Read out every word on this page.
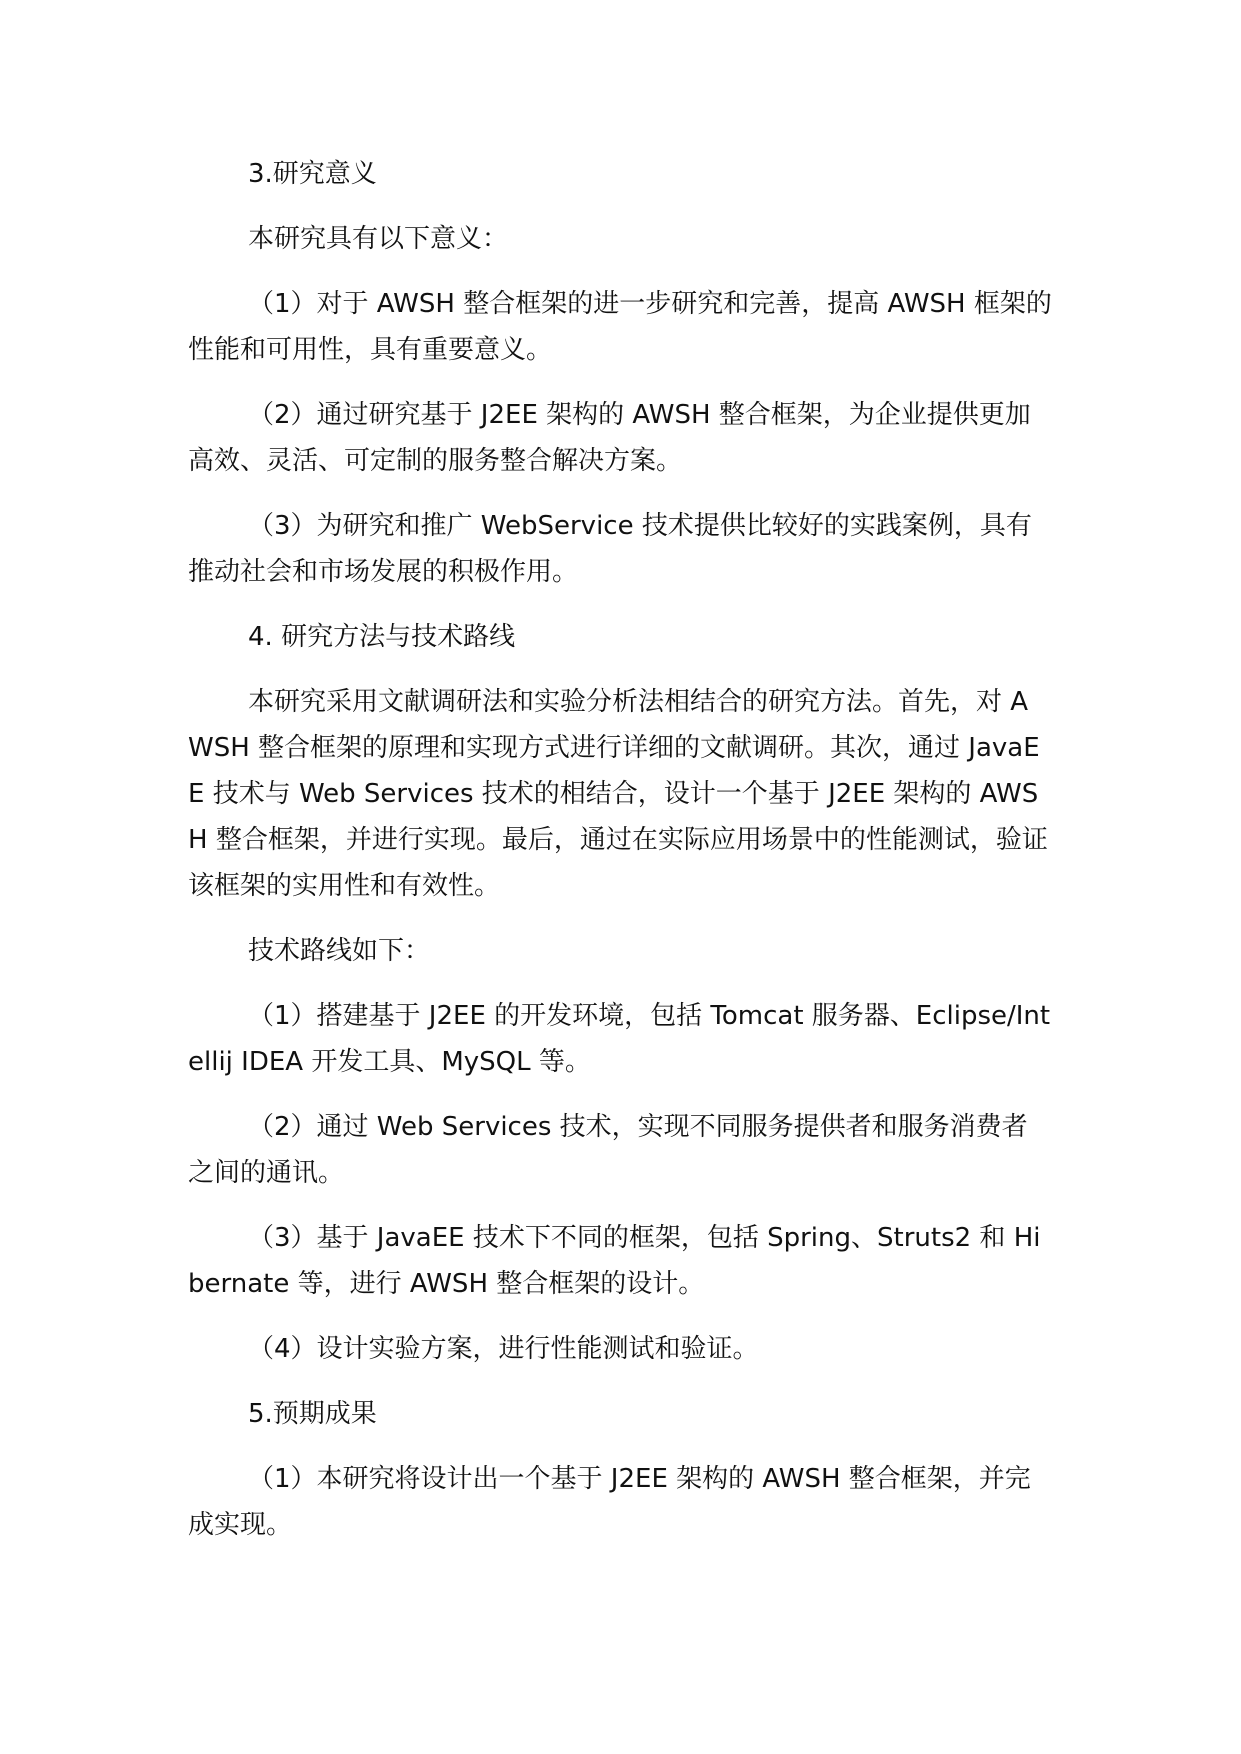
3.研究意义

本研究具有以下意义：

（1）对于 AWSH 整合框架的进一步研究和完善，提高 AWSH 框架的性能和可用性，具有重要意义。

（2）通过研究基于 J2EE 架构的 AWSH 整合框架，为企业提供更加高效、灵活、可定制的服务整合解决方案。

（3）为研究和推广 WebService 技术提供比较好的实践案例，具有推动社会和市场发展的积极作用。

4. 研究方法与技术路线

本研究采用文献调研法和实验分析法相结合的研究方法。首先，对 AWSH 整合框架的原理和实现方式进行详细的文献调研。其次，通过 JavaEE 技术与 Web Services 技术的相结合，设计一个基于 J2EE 架构的 AWSH 整合框架，并进行实现。最后，通过在实际应用场景中的性能测试，验证该框架的实用性和有效性。

技术路线如下：

（1）搭建基于 J2EE 的开发环境，包括 Tomcat 服务器、Eclipse/Intellij IDEA 开发工具、MySQL 等。

（2）通过 Web Services 技术，实现不同服务提供者和服务消费者之间的通讯。

（3）基于 JavaEE 技术下不同的框架，包括 Spring、Struts2 和 Hibernate 等，进行 AWSH 整合框架的设计。

（4）设计实验方案，进行性能测试和验证。

5.预期成果

（1）本研究将设计出一个基于 J2EE 架构的 AWSH 整合框架，并完成实现。
